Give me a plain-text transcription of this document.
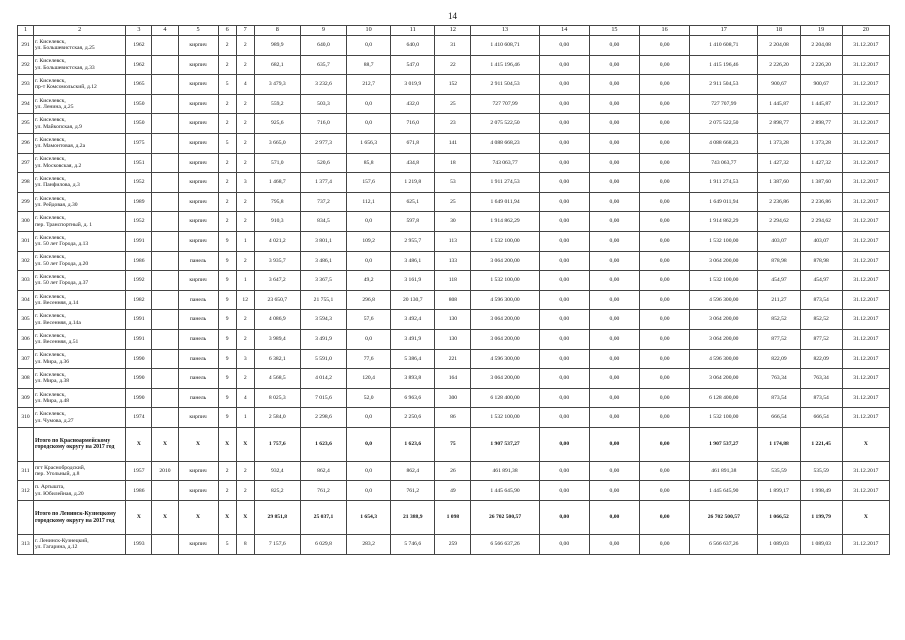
14
1	2	3	4	5	6	7	8	9	10	11	12	13	14	15	16	17	18	19	20
291	г. Киселевск,
ул. Большевистская, д.25	1962		кирпич	2	2	989,9	640,0	0,0	640,0	31	1 410 608,71	0,00	0,00	0,00	1 410 608,71	2 204,08	2 204,08	31.12.2017
292	г. Киселевск,
ул. Большевистская, д.33	1962		кирпич	2	2	682,1	635,7	88,7	547,0	22	1 415 196,46	0,00	0,00	0,00	1 415 196,46	2 226,20	2 226,20	31.12.2017
293	г. Киселевск,
пр-т Комсомольский, д.12	1965		кирпич	5	4	3 479,3	3 232,6	212,7	3 019,9	152	2 911 504,53	0,00	0,00	0,00	2 911 504,53	900,67	900,67	31.12.2017
294	г. Киселевск,
ул. Ленина, д.25	1950		кирпич	2	2	559,2	503,3	0,0	432,0	25	727 707,99	0,00	0,00	0,00	727 707,99	1 445,87	1 445,87	31.12.2017
295	г. Киселевск,
ул. Майкопская, д.9	1950		кирпич	2	2	925,6	716,0	0,0	716,0	23	2 075 522,50	0,00	0,00	0,00	2 075 522,50	2 898,77	2 898,77	31.12.2017
296	г. Киселевск,
ул. Мамонтовая, д.2а	1975		кирпич	5	2	3 665,0	2 977,3	1 656,3	671,8	141	4 088 668,23	0,00	0,00	0,00	4 088 668,23	1 373,28	1 373,28	31.12.2017
297	г. Киселевск,
ул. Московская, д.2	1951		кирпич	2	2	571,0	520,6	85,8	434,8	18	743 063,77	0,00	0,00	0,00	743 063,77	1 427,32	1 427,32	31.12.2017
298	г. Киселевск,
ул. Панфилова, д.3	1952		кирпич	2	3	1 468,7	1 377,4	157,6	1 219,8	53	1 911 274,53	0,00	0,00	0,00	1 911 274,53	1 387,60	1 387,60	31.12.2017
299	г. Киселевск,
ул. Рейдовая, д.30	1989		кирпич	2	2	795,8	737,2	112,1	625,1	25	1 649 011,94	0,00	0,00	0,00	1 649 011,94	2 236,86	2 236,86	31.12.2017
300	г. Киселевск,
пер. Транспортный, д. 1	1952		кирпич	2	2	910,3	834,5	0,0	597,8	30	1 914 862,29	0,00	0,00	0,00	1 914 862,29	2 294,62	2 294,62	31.12.2017
301	г. Киселевск,
ул. 50 лет Города, д.13	1991		кирпич	9	1	4 021,2	3 801,1	109,2	2 955,7	113	1 532 100,00	0,00	0,00	0,00	1 532 100,00	403,07	403,07	31.12.2017
302	г. Киселевск,
ул. 50 лет Города, д.20	1986		панель	9	2	3 935,7	3 486,1	0,0	3 486,1	133	3 064 200,00	0,00	0,00	0,00	3 064 200,00	878,98	878,98	31.12.2017
303	г. Киселевск,
ул. 50 лет Города, д.37	1992		кирпич	9	1	3 647,2	3 367,5	49,2	3 161,9	118	1 532 100,00	0,00	0,00	0,00	1 532 100,00	454,97	454,97	31.12.2017
304	г. Киселевск,
ул. Весенняя, д.14	1982		панель	9	12	23 650,7	21 755,1	296,8	20 130,7	808	4 596 300,00	0,00	0,00	0,00	4 596 300,00	211,27	873,54	31.12.2017
305	г. Киселевск,
ул. Весенняя, д.14а	1991		панель	9	2	4 086,9	3 594,3	57,6	3 492,4	130	3 064 200,00	0,00	0,00	0,00	3 064 200,00	852,52	852,52	31.12.2017
306	г. Киселевск,
ул. Весенняя, д.51	1991		панель	9	2	3 989,4	3 491,9	0,0	3 491,9	130	3 064 200,00	0,00	0,00	0,00	3 064 200,00	877,52	877,52	31.12.2017
307	г. Киселевск,
ул. Мира, д.36	1990		панель	9	3	6 382,1	5 591,0	77,6	5 386,4	221	4 596 300,00	0,00	0,00	0,00	4 596 300,00	822,09	822,09	31.12.2017
308	г. Киселевск,
ул. Мира, д.38	1990		панель	9	2	4 568,5	4 014,2	120,4	3 893,8	164	3 064 200,00	0,00	0,00	0,00	3 064 200,00	763,34	763,34	31.12.2017
309	г. Киселевск,
ул. Мира, д.48	1990		панель	9	4	8 025,3	7 015,6	52,0	6 963,6	300	6 128 400,00	0,00	0,00	0,00	6 128 400,00	873,54	873,54	31.12.2017
310	г. Киселевск,
ул. Чумова, д.27	1974		кирпич	9	1	2 584,0	2 298,6	0,0	2 250,6	86	1 532 100,00	0,00	0,00	0,00	1 532 100,00	666,54	666,54	31.12.2017
	Итого по Красноармейскому городскому округу на 2017 год	X	X	X	X	X	1 757,6	1 623,6	0,0	1 623,6	75	1 907 537,27	0,00	0,00	0,00	1 907 537,27	1 174,88	1 221,45	X
311	пгт Краснобродский,
пер. Угольный, д.8	1957	2010	кирпич	2	2	932,4	862,4	0,0	862,4	26	461 891,38	0,00	0,00	0,00	461 891,38	535,59	535,59	31.12.2017
312	п. Артышта,
ул. Юбилейная, д.20	1986		кирпич	2	2	825,2	761,2	0,0	761,2	49	1 445 645,90	0,00	0,00	0,00	1 445 645,90	1 899,17	1 998,49	31.12.2017
	Итого по Ленинск-Кузнецкому городскому округу на 2017 год	X	X	X	X	X	29 851,8	25 037,1	1 654,3	21 388,9	1 098	26 702 500,57	0,00	0,00	0,00	26 702 500,57	1 066,52	1 199,79	X
313	г. Ленинск-Кузнецкий,
ул. Гагарина, д.12	1993		кирпич	5	8	7 157,6	6 029,8	283,2	5 746,6	259	6 566 637,26	0,00	0,00	0,00	6 566 637,26	1 089,03	1 089,03	31.12.2017
